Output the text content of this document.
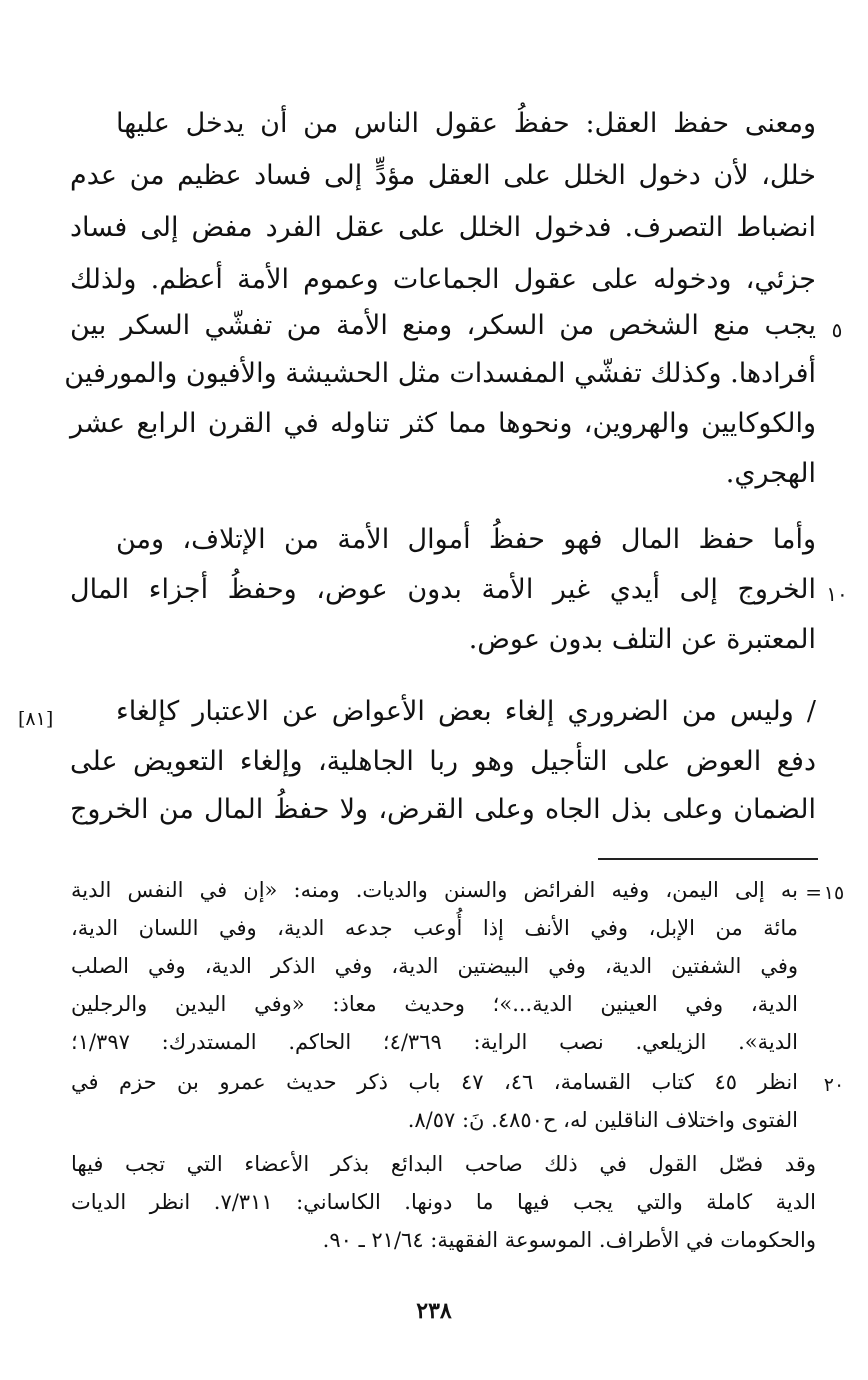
ومعنى حفظ العقل: حفظُ عقول الناس من أن يدخل عليها
خلل، لأن دخول الخلل على العقل مؤدٍّ إلى فساد عظيم من عدم
انضباط التصرف. فدخول الخلل على عقل الفرد مفض إلى فساد
جزئي، ودخوله على عقول الجماعات وعموم الأمة أعظم. ولذلك
٥
يجب منع الشخص من السكر، ومنع الأمة من تفشّي السكر بين
أفرادها. وكذلك تفشّي المفسدات مثل الحشيشة والأفيون والمورفين
والكوكايين والهروين، ونحوها مما كثر تناوله في القرن الرابع عشر
الهجري.
وأما حفظ المال فهو حفظُ أموال الأمة من الإتلاف، ومن
١٠
الخروج إلى أيدي غير الأمة بدون عوض، وحفظُ أجزاء المال
المعتبرة عن التلف بدون عوض.
[٨١] / وليس من الضروري إلغاء بعض الأعواض عن الاعتبار كإلغاء
دفع العوض على التأجيل وهو ربا الجاهلية، وإلغاء التعويض على
الضمان وعلى بذل الجاه وعلى القرض، ولا حفظُ المال من الخروج
١٥
=
به إلى اليمن، وفيه الفرائض والسنن والديات. ومنه: «إن في النفس الدية
مائة من الإبل، وفي الأنف إذا أُوعب جدعه الدية، وفي اللسان الدية،
وفي الشفتين الدية، وفي البيضتين الدية، وفي الذكر الدية، وفي الصلب
الدية، وفي العينين الدية...»؛ وحديث معاذ: «وفي اليدين والرجلين
الدية». الزيلعي. نصب الراية: ٤/٣٦٩؛ الحاكم. المستدرك: ١/٣٩٧؛
٢٠
انظر ٤٥ كتاب القسامة، ٤٦، ٤٧ باب ذكر حديث عمرو بن حزم في
الفتوى واختلاف الناقلين له، ح٤٨٥٠. نَ: ٨/٥٧.
وقد فصّل القول في ذلك صاحب البدائع بذكر الأعضاء التي تجب فيها
الدية كاملة والتي يجب فيها ما دونها. الكاساني: ٧/٣١١. انظر الديات
والحكومات في الأطراف. الموسوعة الفقهية: ٢١/٦٤ ـ ٩٠.
٢٣٨
